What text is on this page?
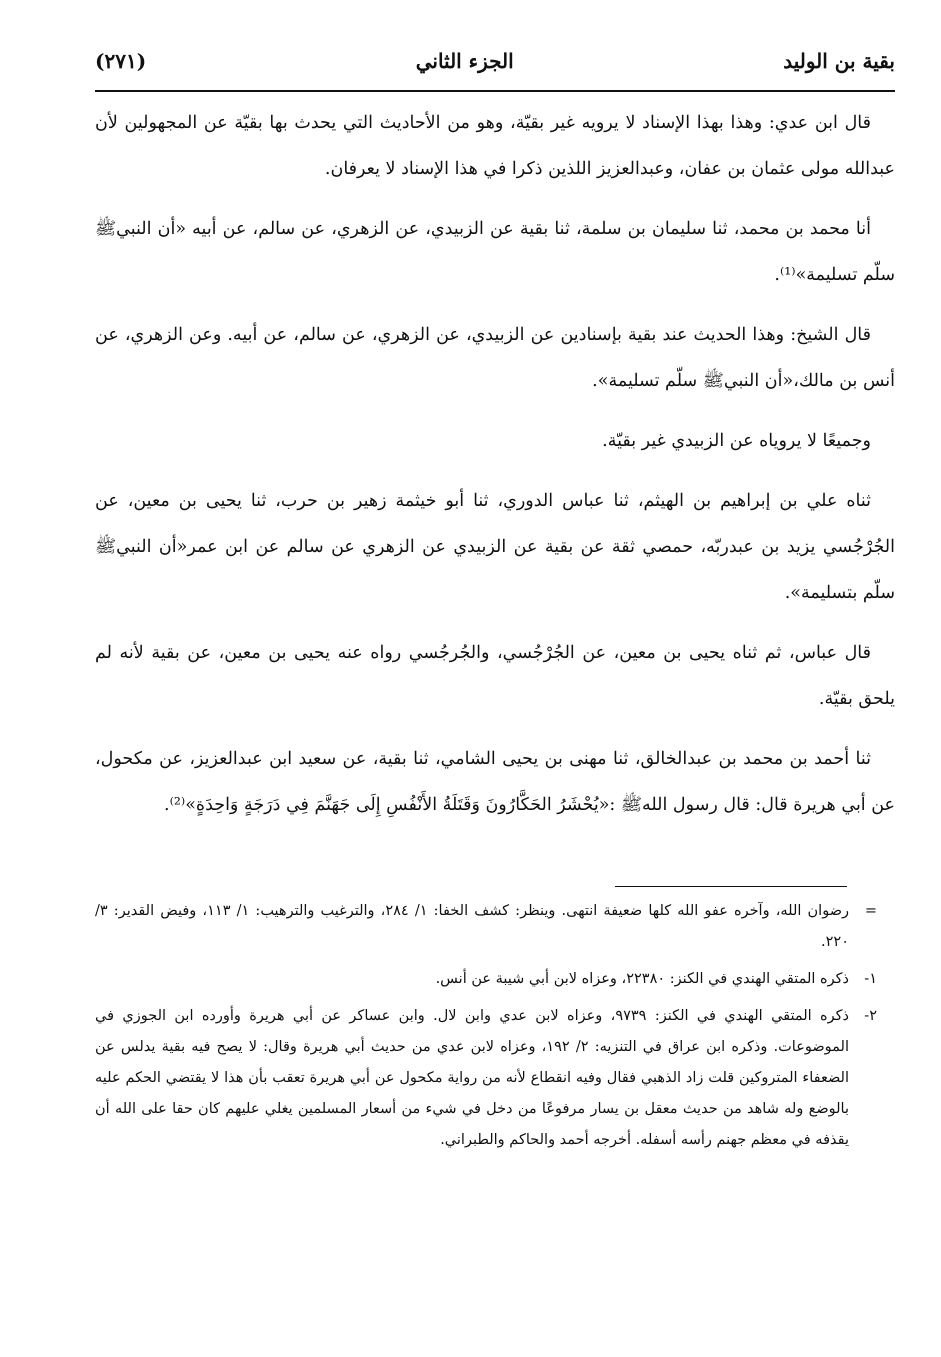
بقية بن الوليد
الجزء الثاني
(٢٧١)

قال ابن عدي: وهذا بهذا الإسناد لا يرويه غير بقيّة، وهو من الأحاديث التي يحدث بها بقيّة عن المجهولين لأن عبدالله مولى عثمان بن عفان، وعبدالعزيز اللذين ذكرا في هذا الإسناد لا يعرفان.

أنا محمد بن محمد، ثنا سليمان بن سلمة، ثنا بقية عن الزبيدي، عن الزهري، عن سالم، عن أبيه «أن النبيﷺ سلّم تسليمة»⁽¹⁾.

قال الشيخ: وهذا الحديث عند بقية بإسنادين عن الزبيدي، عن الزهري، عن سالم، عن أبيه. وعن الزهري، عن أنس بن مالك،«أن النبيﷺ سلّم تسليمة».

وجميعًا لا يروياه عن الزبيدي غير بقيّة.

ثناه علي بن إبراهيم بن الهيثم، ثنا عباس الدوري، ثنا أبو خيثمة زهير بن حرب، ثنا يحيى بن معين، عن الجُرْجُسي يزيد بن عبدربّه، حمصي ثقة عن بقية عن الزبيدي عن الزهري عن سالم عن ابن عمر«أن النبيﷺ سلّم بتسليمة».

قال عباس، ثم ثناه يحيى بن معين، عن الجُرْجُسي، والجُرجُسي رواه عنه يحيى بن معين، عن بقية لأنه لم يلحق بقيّة.

ثنا أحمد بن محمد بن عبدالخالق، ثنا مهنى بن يحيى الشامي، ثنا بقية، عن سعيد ابن عبدالعزيز، عن مكحول، عن أبي هريرة قال: قال رسول اللهﷺ :«يُحْشَرُ الحَكَّارُونَ وَقَتَلَةُ الأَنْفُسِ إِلَى جَهَنَّمَ فِي دَرَجَةٍ وَاحِدَةٍ»⁽²⁾.

=
رضوان الله، وآخره عفو الله كلها ضعيفة انتهى. وينظر: كشف الخفا: ١/ ٢٨٤، والترغيب والترهيب: ١/ ١١٣، وفيض القدير: ٣/ ٢٢٠.
١-
ذكره المتقي الهندي في الكنز: ٢٢٣٨٠، وعزاه لابن أبي شيبة عن أنس.
٢-
ذكره المتقي الهندي في الكنز: ٩٧٣٩، وعزاه لابن عدي وابن لال. وابن عساكر عن أبي هريرة وأورده ابن الجوزي في الموضوعات. وذكره ابن عراق في التنزيه: ٢/ ١٩٢، وعزاه لابن عدي من حديث أبي هريرة وقال: لا يصح فيه بقية يدلس عن الضعفاء المتروكين قلت زاد الذهبي فقال وفيه انقطاع لأنه من رواية مكحول عن أبي هريرة تعقب بأن هذا لا يقتضي الحكم عليه بالوضع وله شاهد من حديث معقل بن يسار مرفوعًا من دخل في شيء من أسعار المسلمين يغلي عليهم كان حقا على الله أن يقذفه في معظم جهنم رأسه أسفله. أخرجه أحمد والحاكم والطبراني.
